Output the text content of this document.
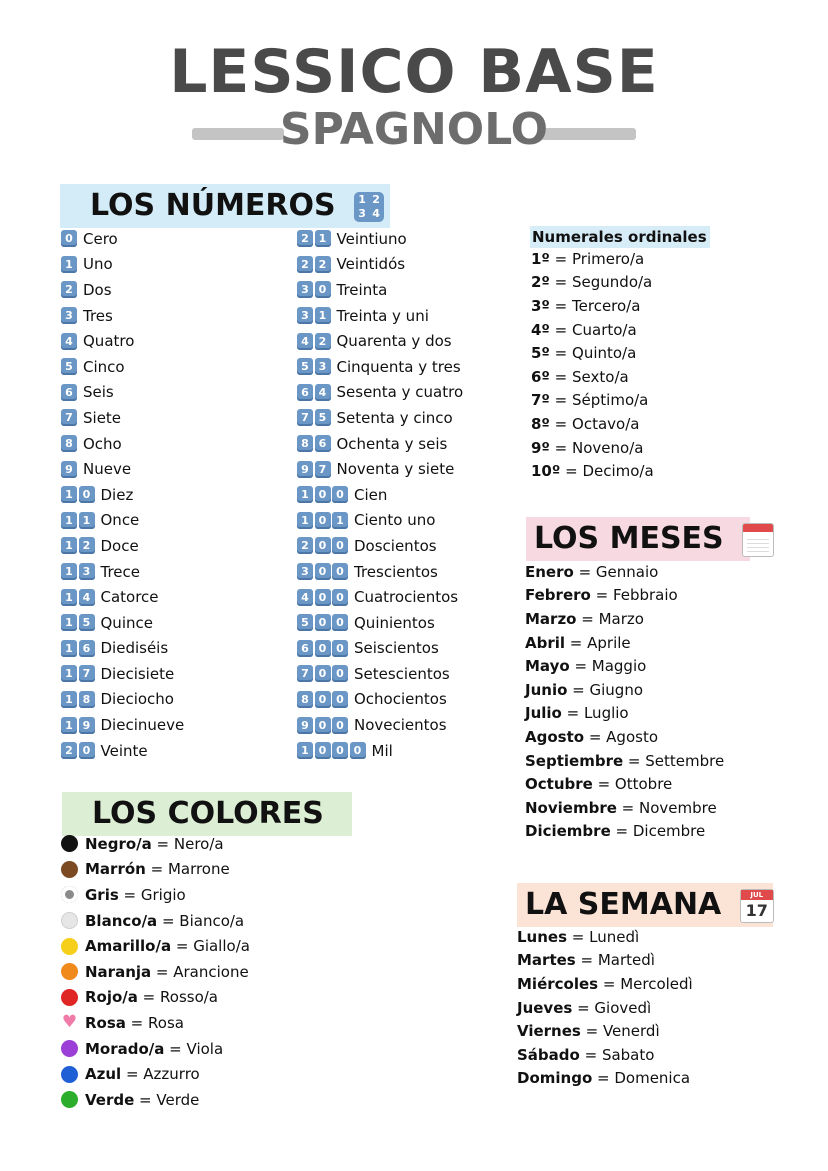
LESSICO BASE
SPAGNOLO
LOS NÚMEROS 1 2
3 4
0 Cero
1 Uno
2 Dos
3 Tres
4 Quatro
5 Cinco
6 Seis
7 Siete
8 Ocho
9 Nueve
1 0 Diez
1 1 Once
1 2 Doce
1 3 Trece
1 4 Catorce
1 5 Quince
1 6 Diediséis
1 7 Diecisiete
1 8 Dieciocho
1 9 Diecinueve
2 0 Veinte
2 1 Veintiuno
2 2 Veintidós
3 0 Treinta
3 1 Treinta y uni
4 2 Quarenta y dos
5 3 Cinquenta y tres
6 4 Sesenta y cuatro
7 5 Setenta y cinco
8 6 Ochenta y seis
9 7 Noventa y siete
1 0 0 Cien
1 0 1 Ciento uno
2 0 0 Doscientos
3 0 0 Trescientos
4 0 0 Cuatrocientos
5 0 0 Quinientos
6 0 0 Seiscientos
7 0 0 Setescientos
8 0 0 Ochocientos
9 0 0 Novecientos
1 0 0 0 Mil
Numerales ordinales
1º = Primero/a
2º = Segundo/a
3º = Tercero/a
4º = Cuarto/a
5º = Quinto/a
6º = Sexto/a
7º = Séptimo/a
8º = Octavo/a
9º = Noveno/a
10º = Decimo/a
LOS MESES
Enero = Gennaio
Febrero = Febbraio
Marzo = Marzo
Abril = Aprile
Mayo = Maggio
Junio = Giugno
Julio = Luglio
Agosto = Agosto
Septiembre = Settembre
Octubre = Ottobre
Noviembre = Novembre
Diciembre = Dicembre
LOS COLORES
Negro/a = Nero/a
Marrón = Marrone
Gris = Grigio
Blanco/a = Bianco/a
Amarillo/a = Giallo/a
Naranja = Arancione
Rojo/a = Rosso/a
♥ Rosa = Rosa
Morado/a = Viola
Azul = Azzurro
Verde = Verde
LA SEMANA	JUL
17
Lunes = Lunedì
Martes = Martedì
Miércoles = Mercoledì
Jueves = Giovedì
Viernes = Venerdì
Sábado = Sabato
Domingo = Domenica
